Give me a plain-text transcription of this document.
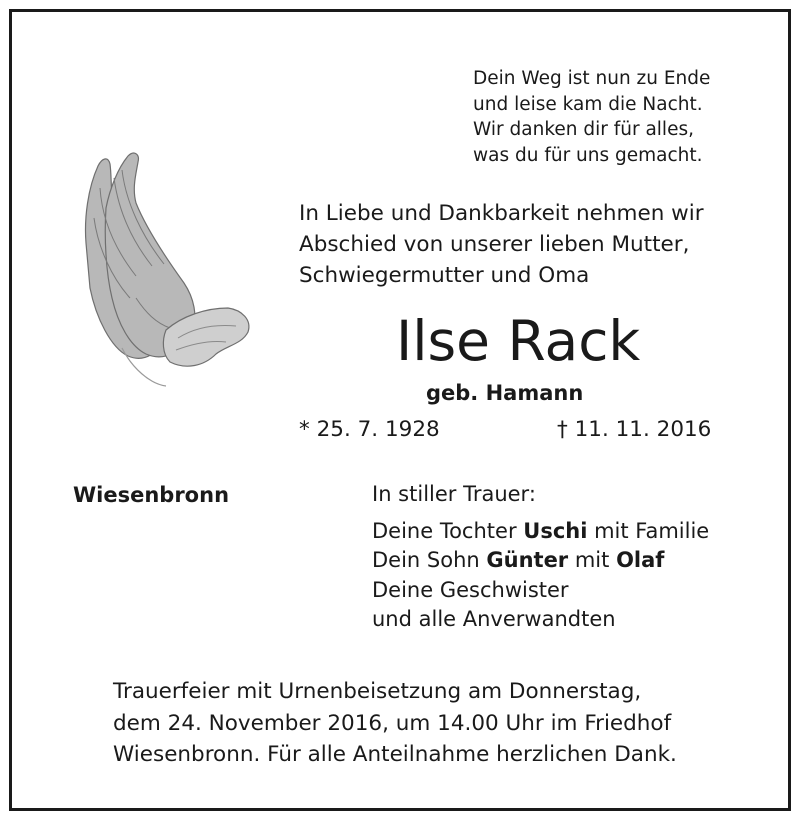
Dein Weg ist nun zu Ende
und leise kam die Nacht.
Wir danken dir für alles,
was du für uns gemacht.
In Liebe und Dankbarkeit nehmen wir
Abschied von unserer lieben Mutter,
Schwiegermutter und Oma
Ilse Rack
geb. Hamann
* 25. 7. 1928	† 11. 11. 2016
Wiesenbronn	In stiller Trauer:
Deine Tochter Uschi mit Familie
Dein Sohn Günter mit Olaf
Deine Geschwister
und alle Anverwandten
Trauerfeier mit Urnenbeisetzung am Donnerstag,
dem 24. November 2016, um 14.00 Uhr im Friedhof
Wiesenbronn. Für alle Anteilnahme herzlichen Dank.
